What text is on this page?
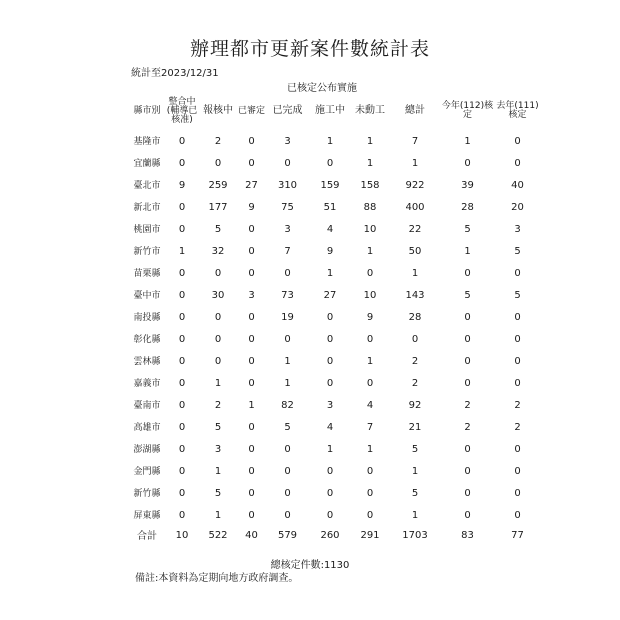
辦理都市更新案件數統計表
統計至2023/12/31
已核定公布實施
縣市別	整合中(輔導已核准)	報核中	已審定	已完成	施工中	未動工	總計	今年(112)核定	去年(111)核定
基隆市	0	2	0	3	1	1	7	1	0
宜蘭縣	0	0	0	0	0	1	1	0	0
臺北市	9	259	27	310	159	158	922	39	40
新北市	0	177	9	75	51	88	400	28	20
桃園市	0	5	0	3	4	10	22	5	3
新竹市	1	32	0	7	9	1	50	1	5
苗栗縣	0	0	0	0	1	0	1	0	0
臺中市	0	30	3	73	27	10	143	5	5
南投縣	0	0	0	19	0	9	28	0	0
彰化縣	0	0	0	0	0	0	0	0	0
雲林縣	0	0	0	1	0	1	2	0	0
嘉義市	0	1	0	1	0	0	2	0	0
臺南市	0	2	1	82	3	4	92	2	2
高雄市	0	5	0	5	4	7	21	2	2
澎湖縣	0	3	0	0	1	1	5	0	0
金門縣	0	1	0	0	0	0	1	0	0
新竹縣	0	5	0	0	0	0	5	0	0
屏東縣	0	1	0	0	0	0	1	0	0
合計	10	522	40	579	260	291	1703	83	77
總核定件數:1130
備註:本資料為定期向地方政府調查。
